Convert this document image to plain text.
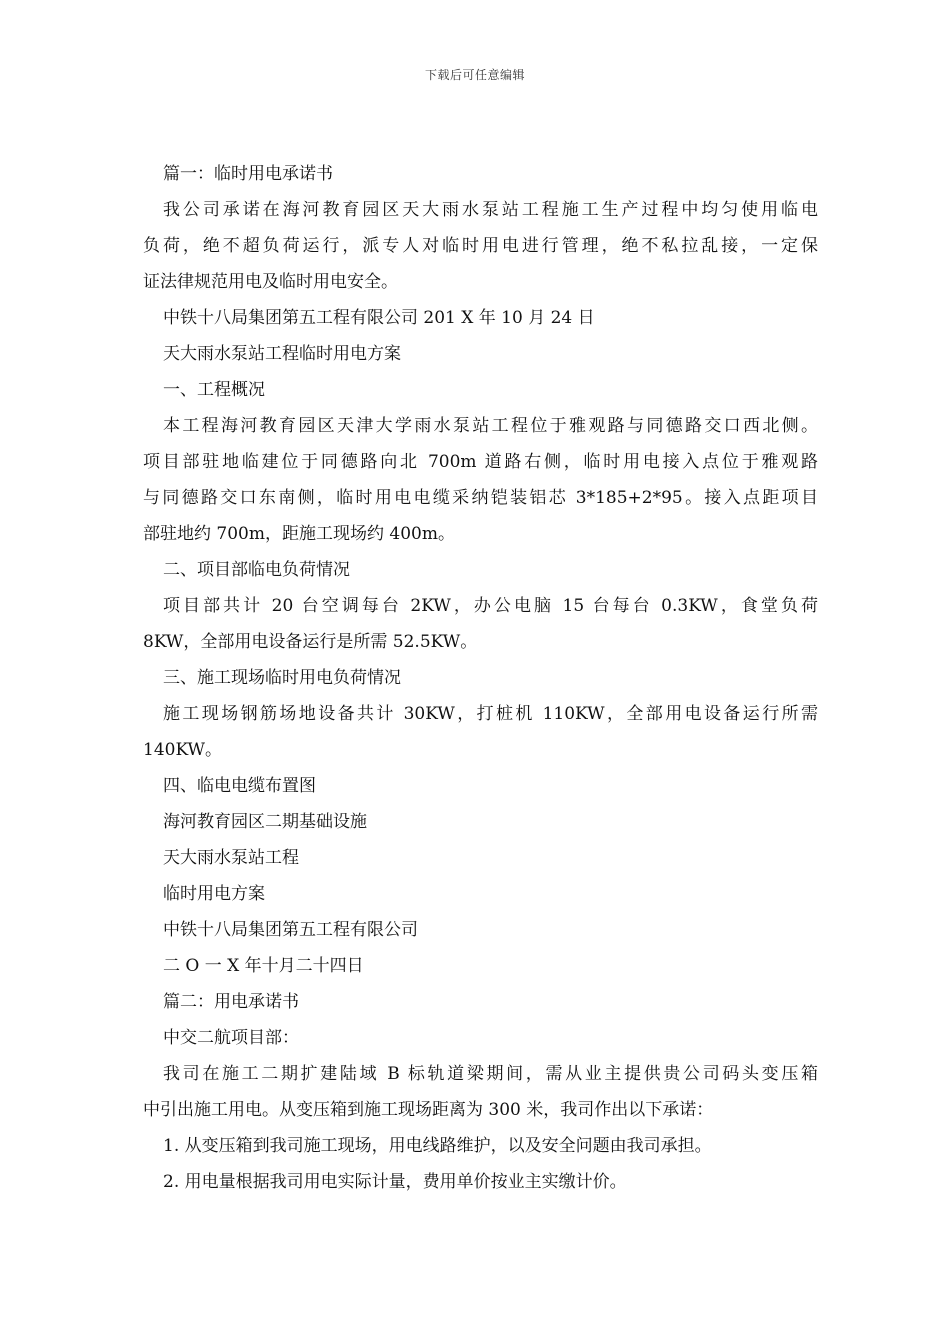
下载后可任意编辑
篇一：临时用电承诺书
我公司承诺在海河教育园区天大雨水泵站工程施工生产过程中均匀使用临电
负荷，绝不超负荷运行，派专人对临时用电进行管理，绝不私拉乱接，一定保
证法律规范用电及临时用电安全。
中铁十八局集团第五工程有限公司 201 X 年 10 月 24 日
天大雨水泵站工程临时用电方案
一、工程概况
本工程海河教育园区天津大学雨水泵站工程位于雅观路与同德路交口西北侧。
项目部驻地临建位于同德路向北 700m 道路右侧，临时用电接入点位于雅观路
与同德路交口东南侧，临时用电电缆采纳铠装铝芯 3*185+2*95。接入点距项目
部驻地约 700m，距施工现场约 400m。
二、项目部临电负荷情况
项目部共计 20 台空调每台 2KW，办公电脑 15 台每台 0.3KW，食堂负荷
8KW，全部用电设备运行是所需 52.5KW。
三、施工现场临时用电负荷情况
施工现场钢筋场地设备共计 30KW，打桩机 110KW，全部用电设备运行所需
140KW。
四、临电电缆布置图
海河教育园区二期基础设施
天大雨水泵站工程
临时用电方案
中铁十八局集团第五工程有限公司
二 O 一 X 年十月二十四日
篇二：用电承诺书
中交二航项目部：
我司在施工二期扩建陆域 B 标轨道梁期间，需从业主提供贵公司码头变压箱
中引出施工用电。从变压箱到施工现场距离为 300 米，我司作出以下承诺：
1. 从变压箱到我司施工现场，用电线路维护，以及安全问题由我司承担。
2. 用电量根据我司用电实际计量，费用单价按业主实缴计价。
